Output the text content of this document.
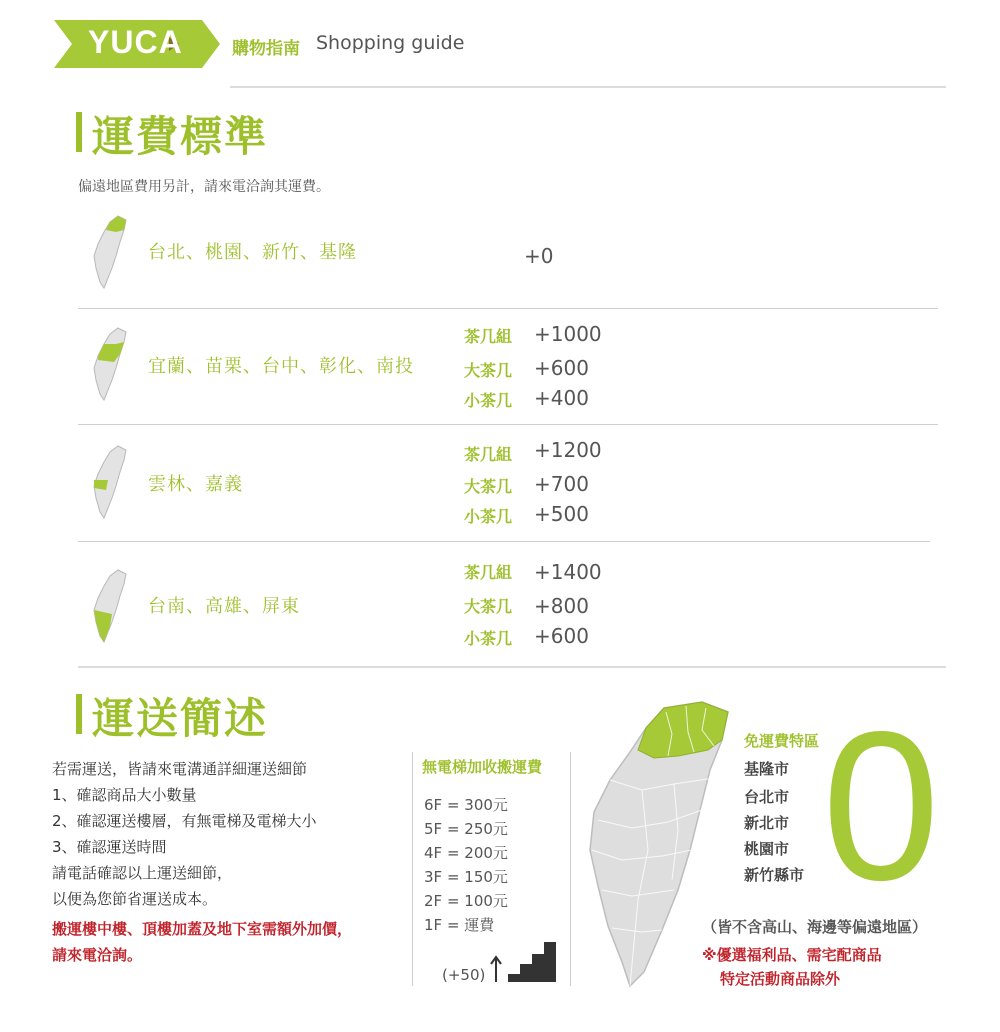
YUCA	購物指南 Shopping guide
運費標準
偏遠地區費用另計，請來電洽詢其運費。
台北、桃園、新竹、基隆	+0
宜蘭、苗栗、台中、彰化、南投
茶几組 +1000
大茶几 +600
小茶几 +400
雲林、嘉義
茶几組 +1200
大茶几 +700
小茶几 +500
台南、高雄、屏東
茶几組 +1400
大茶几 +800
小茶几 +600
運送簡述
若需運送，皆請來電溝通詳細運送細節
1、確認商品大小數量
2、確認運送樓層，有無電梯及電梯大小
3、確認運送時間
請電話確認以上運送細節，
以便為您節省運送成本。
搬運樓中樓、頂樓加蓋及地下室需額外加價，
請來電洽詢。
無電梯加收搬運費
6F = 300元
5F = 250元
4F = 200元
3F = 150元
2F = 100元
1F = 運費
(+50)
免運費特區
基隆市
台北市
新北市
桃園市
新竹縣市 0
（皆不含高山、海邊等偏遠地區）
※優選福利品、需宅配商品
特定活動商品除外
